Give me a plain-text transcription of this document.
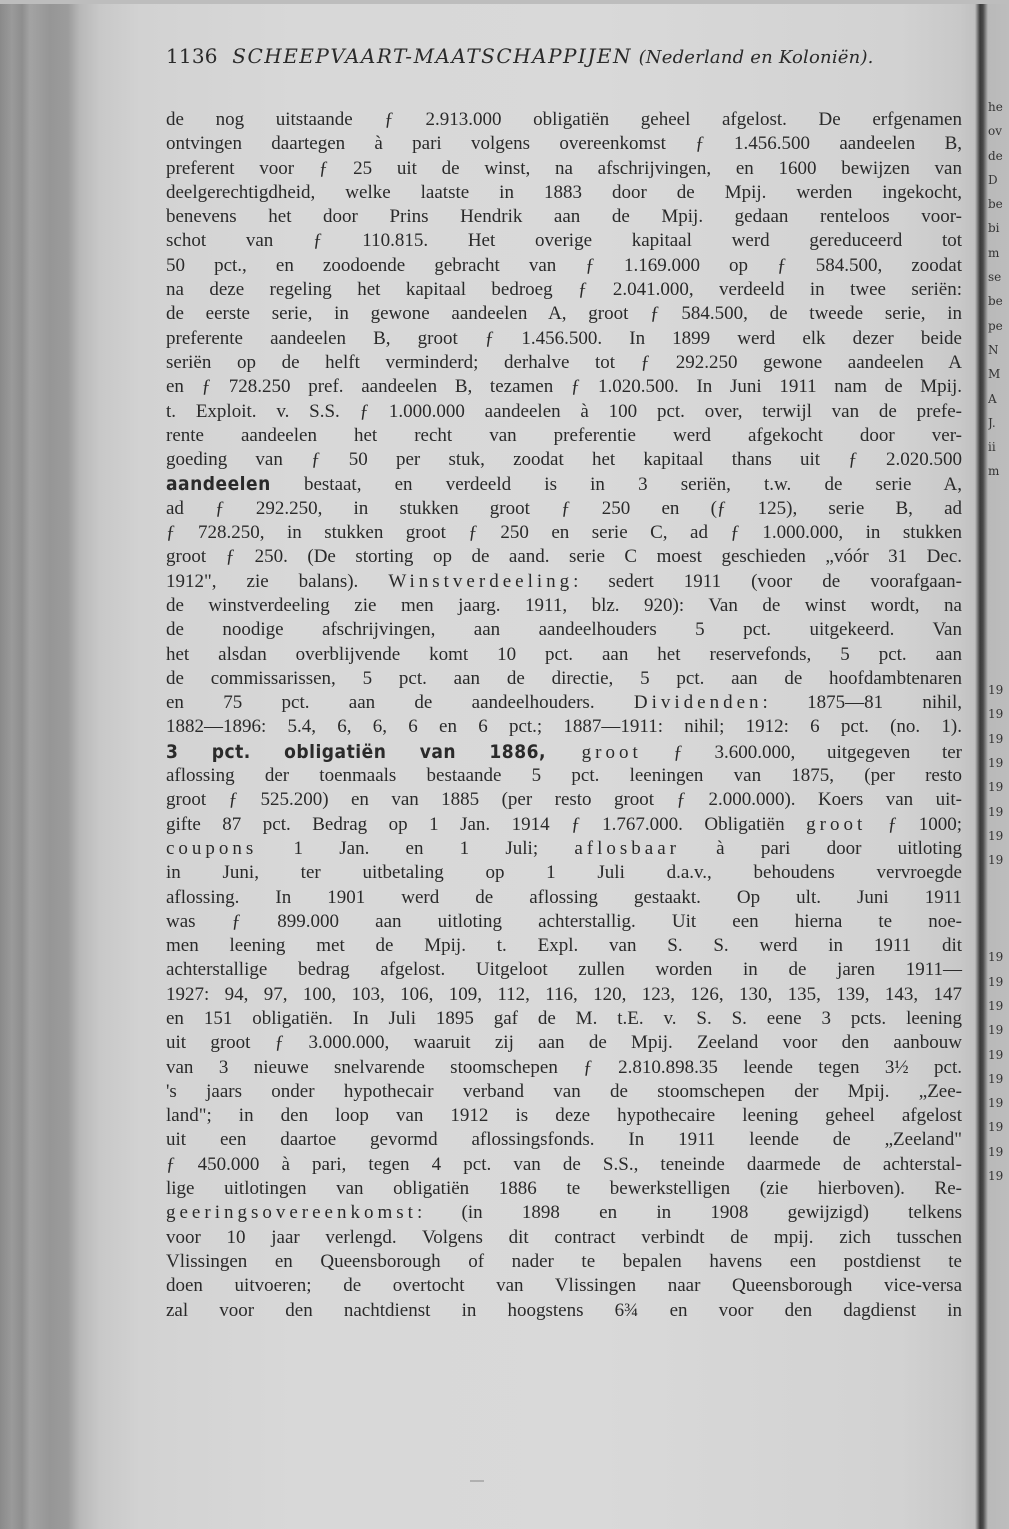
1136 SCHEEPVAART-MAATSCHAPPIJEN (Nederland en Koloniën).
de nog uitstaande ƒ 2.913.000 obligatiën geheel afgelost. De erfgenamen
ontvingen daartegen à pari volgens overeenkomst ƒ 1.456.500 aandeelen B,
preferent voor ƒ 25 uit de winst, na afschrijvingen, en 1600 bewijzen van
deelgerechtigdheid, welke laatste in 1883 door de Mpij. werden ingekocht,
benevens het door Prins Hendrik aan de Mpij. gedaan renteloos voor-
schot van ƒ 110.815. Het overige kapitaal werd gereduceerd tot
50 pct., en zoodoende gebracht van ƒ 1.169.000 op ƒ 584.500, zoodat
na deze regeling het kapitaal bedroeg ƒ 2.041.000, verdeeld in twee seriën:
de eerste serie, in gewone aandeelen A, groot ƒ 584.500, de tweede serie, in
preferente aandeelen B, groot ƒ 1.456.500. In 1899 werd elk dezer beide
seriën op de helft verminderd; derhalve tot ƒ 292.250 gewone aandeelen A
en ƒ 728.250 pref. aandeelen B, tezamen ƒ 1.020.500. In Juni 1911 nam de Mpij.
t. Exploit. v. S.S. ƒ 1.000.000 aandeelen à 100 pct. over, terwijl van de prefe-
rente aandeelen het recht van preferentie werd afgekocht door ver-
goeding van ƒ 50 per stuk, zoodat het kapitaal thans uit ƒ 2.020.500
aandeelen bestaat, en verdeeld is in 3 seriën, t.w. de serie A,
ad ƒ 292.250, in stukken groot ƒ 250 en (ƒ 125), serie B, ad
ƒ 728.250, in stukken groot ƒ 250 en serie C, ad ƒ 1.000.000, in stukken
groot ƒ 250. (De storting op de aand. serie C moest geschieden „vóór 31 Dec.
1912", zie balans). Winstverdeeling: sedert 1911 (voor de voorafgaan-
de winstverdeeling zie men jaarg. 1911, blz. 920): Van de winst wordt, na
de noodige afschrijvingen, aan aandeelhouders 5 pct. uitgekeerd. Van
het alsdan overblijvende komt 10 pct. aan het reservefonds, 5 pct. aan
de commissarissen, 5 pct. aan de directie, 5 pct. aan de hoofdambtenaren
en 75 pct. aan de aandeelhouders. Dividenden: 1875—81 nihil,
1882—1896: 5.4, 6, 6, 6 en 6 pct.; 1887—1911: nihil; 1912: 6 pct. (no. 1).
3 pct. obligatiën van 1886, groot ƒ 3.600.000, uitgegeven ter
aflossing der toenmaals bestaande 5 pct. leeningen van 1875, (per resto
groot ƒ 525.200) en van 1885 (per resto groot ƒ 2.000.000). Koers van uit-
gifte 87 pct. Bedrag op 1 Jan. 1914 ƒ 1.767.000. Obligatiën groot ƒ 1000;
coupons 1 Jan. en 1 Juli; aflosbaar à pari door uitloting
in Juni, ter uitbetaling op 1 Juli d.a.v., behoudens vervroegde
aflossing. In 1901 werd de aflossing gestaakt. Op ult. Juni 1911
was ƒ 899.000 aan uitloting achterstallig. Uit een hierna te noe-
men leening met de Mpij. t. Expl. van S. S. werd in 1911 dit
achterstallige bedrag afgelost. Uitgeloot zullen worden in de jaren 1911—
1927: 94, 97, 100, 103, 106, 109, 112, 116, 120, 123, 126, 130, 135, 139, 143, 147
en 151 obligatiën. In Juli 1895 gaf de M. t.E. v. S. S. eene 3 pcts. leening
uit groot ƒ 3.000.000, waaruit zij aan de Mpij. Zeeland voor den aanbouw
van 3 nieuwe snelvarende stoomschepen ƒ 2.810.898.35 leende tegen 3½ pct.
's jaars onder hypothecair verband van de stoomschepen der Mpij. „Zee-
land"; in den loop van 1912 is deze hypothecaire leening geheel afgelost
uit een daartoe gevormd aflossingsfonds. In 1911 leende de „Zeeland"
ƒ 450.000 à pari, tegen 4 pct. van de S.S., teneinde daarmede de achterstal-
lige uitlotingen van obligatiën 1886 te bewerkstelligen (zie hierboven). Re-
geeringsovereenkomst: (in 1898 en in 1908 gewijzigd) telkens
voor 10 jaar verlengd. Volgens dit contract verbindt de mpij. zich tusschen
Vlissingen en Queensborough of nader te bepalen havens een postdienst te
doen uitvoeren; de overtocht van Vlissingen naar Queensborough vice-versa
zal voor den nachtdienst in hoogstens 6¾ en voor den dagdienst in
he
ov
de
D
be
bi
m
se
be
pe
N
M
A
J.
ii
m
19
19
19
19
19
19
19
19
19
19
19
19
19
19
19
19
19
19
